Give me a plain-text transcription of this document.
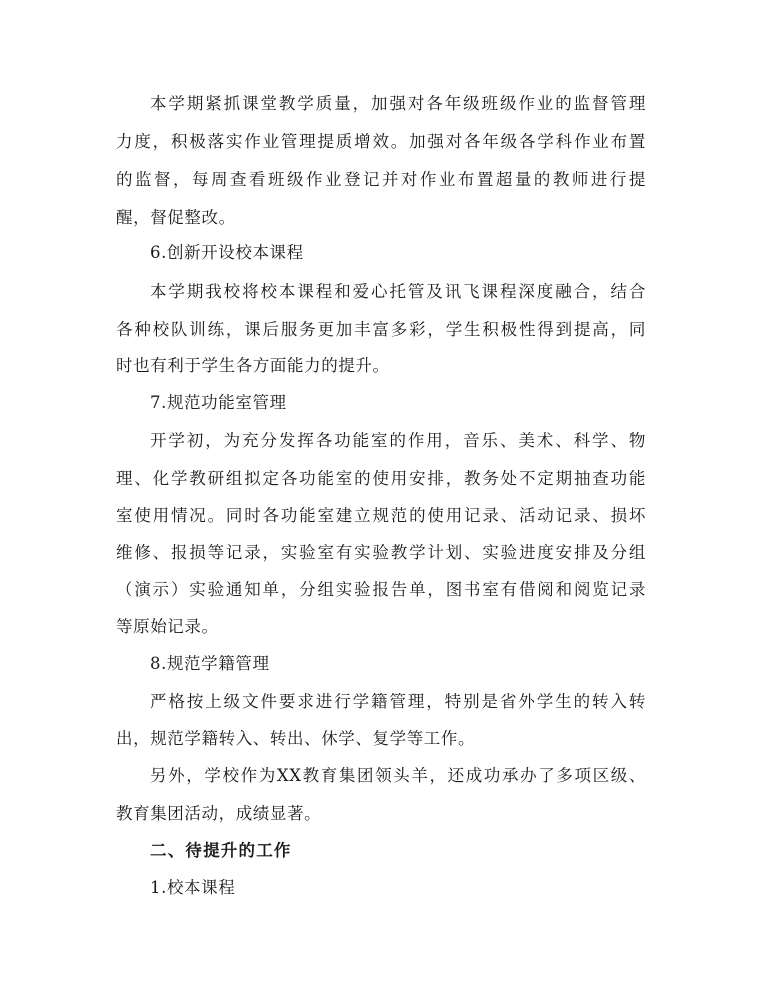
本学期紧抓课堂教学质量，加强对各年级班级作业的监督管理
力度，积极落实作业管理提质增效。加强对各年级各学科作业布置
的监督，每周查看班级作业登记并对作业布置超量的教师进行提
醒，督促整改。
6.创新开设校本课程
本学期我校将校本课程和爱心托管及讯飞课程深度融合，结合
各种校队训练，课后服务更加丰富多彩，学生积极性得到提高，同
时也有利于学生各方面能力的提升。
7.规范功能室管理
开学初，为充分发挥各功能室的作用，音乐、美术、科学、物
理、化学教研组拟定各功能室的使用安排，教务处不定期抽查功能
室使用情况。同时各功能室建立规范的使用记录、活动记录、损坏
维修、报损等记录，实验室有实验教学计划、实验进度安排及分组
（演示）实验通知单，分组实验报告单，图书室有借阅和阅览记录
等原始记录。
8.规范学籍管理
严格按上级文件要求进行学籍管理，特别是省外学生的转入转
出，规范学籍转入、转出、休学、复学等工作。
另外，学校作为XX教育集团领头羊，还成功承办了多项区级、
教育集团活动，成绩显著。
二、待提升的工作
1.校本课程
